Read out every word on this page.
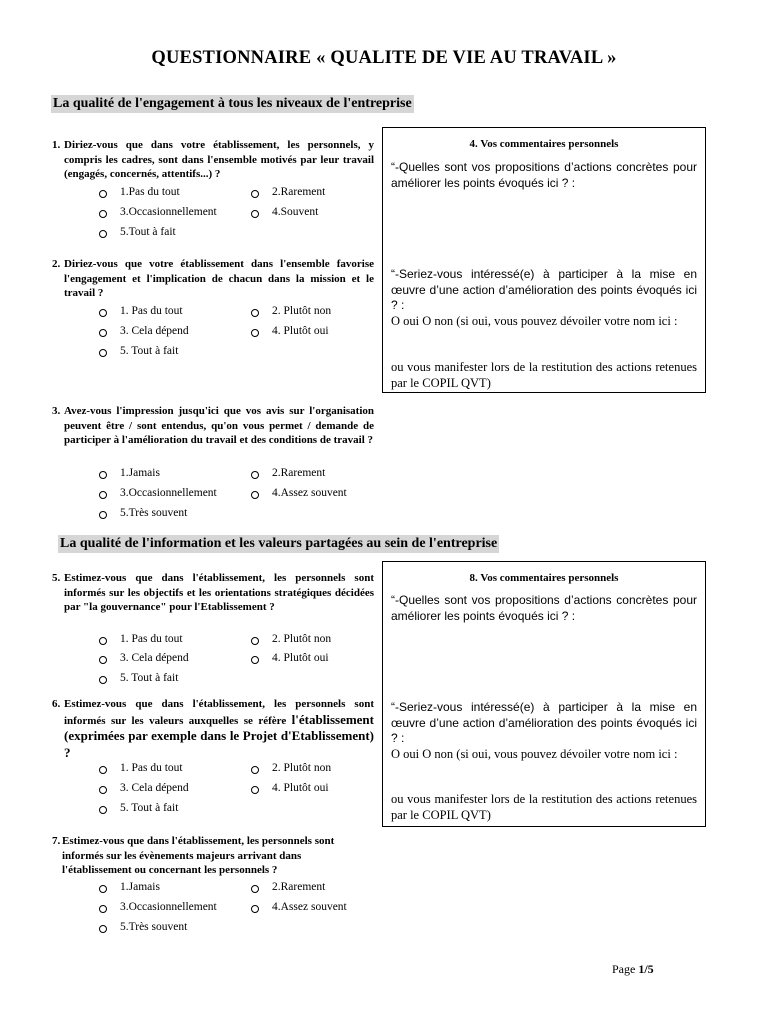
QUESTIONNAIRE « QUALITE DE VIE AU TRAVAIL »
La qualité de l'engagement à tous les niveaux de l'entreprise
1. Diriez-vous que dans votre établissement, les personnels, y compris les cadres, sont dans l'ensemble motivés par leur travail (engagés, concernés, attentifs...) ?
1.Pas du tout	2.Rarement
3.Occasionnellement	4.Souvent
5.Tout à fait
2. Diriez-vous que votre établissement dans l'ensemble favorise l'engagement et l'implication de chacun dans la mission et le travail ?
1. Pas du tout	2. Plutôt non
3. Cela dépend	4. Plutôt oui
5. Tout à fait
3. Avez-vous l'impression jusqu'ici que vos avis sur l'organisation peuvent être / sont entendus, qu'on vous permet / demande de participer à l'amélioration du travail et des conditions de travail ?
1.Jamais	2.Rarement
3.Occasionnellement	4.Assez souvent
5.Très souvent
4. Vos commentaires personnels
“-Quelles sont vos propositions d’actions concrètes pour améliorer les points évoqués ici ? :
“-Seriez-vous intéressé(e) à participer à la mise en œuvre d’une action d’amélioration des points évoqués ici ? :
O oui O non (si oui, vous pouvez dévoiler votre nom ici :
ou vous manifester lors de la restitution des actions retenues par le COPIL QVT)
La qualité de l'information et les valeurs partagées au sein de l'entreprise
5. Estimez-vous que dans l'établissement, les personnels sont informés sur les objectifs et les orientations stratégiques décidées par "la gouvernance" pour l'Etablissement ?
1. Pas du tout	2. Plutôt non
3. Cela dépend	4. Plutôt oui
5. Tout à fait
6. Estimez-vous que dans l'établissement, les personnels sont informés sur les valeurs auxquelles se réfère l'établissement (exprimées par exemple dans le Projet d'Etablissement) ?
1. Pas du tout	2. Plutôt non
3. Cela dépend	4. Plutôt oui
5. Tout à fait
7. Estimez-vous que dans l'établissement, les personnels sont informés sur les évènements majeurs arrivant dans l'établissement ou concernant les personnels ?
1.Jamais	2.Rarement
3.Occasionnellement	4.Assez souvent
5.Très souvent
8. Vos commentaires personnels
“-Quelles sont vos propositions d’actions concrètes pour améliorer les points évoqués ici ? :
“-Seriez-vous intéressé(e) à participer à la mise en œuvre d’une action d’amélioration des points évoqués ici ? :
O oui O non (si oui, vous pouvez dévoiler votre nom ici :
ou vous manifester lors de la restitution des actions retenues par le COPIL QVT)
Page 1/5
